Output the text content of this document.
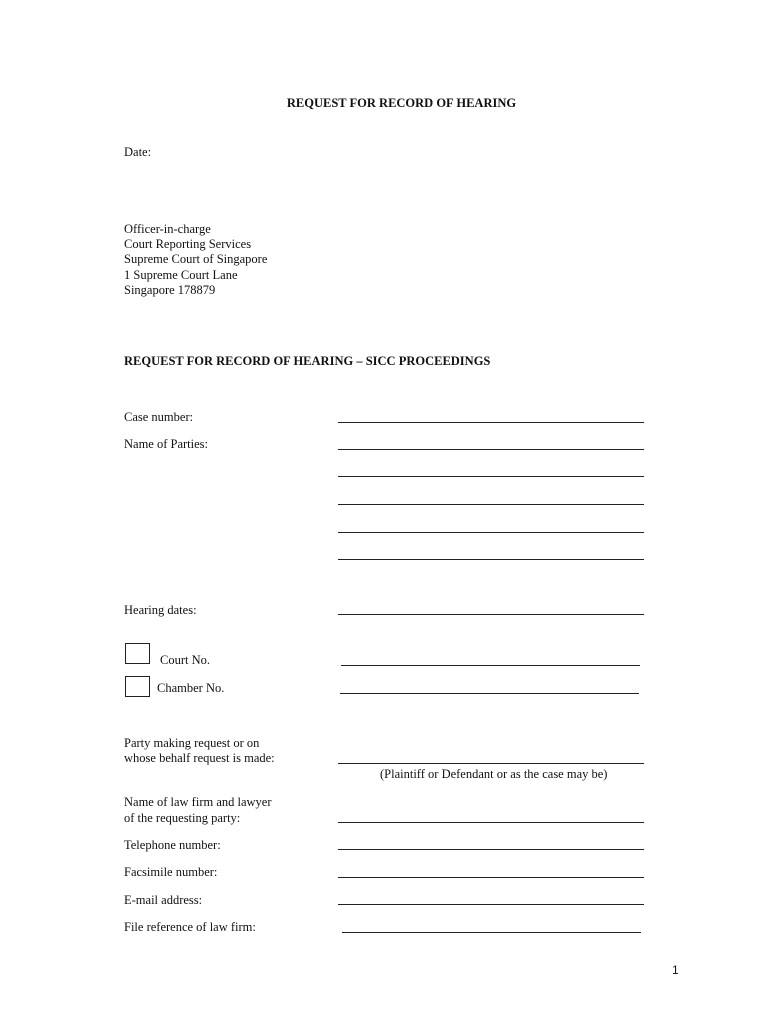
REQUEST FOR RECORD OF HEARING
Date:
Officer-in-charge
Court Reporting Services
Supreme Court of Singapore
1 Supreme Court Lane
Singapore 178879
REQUEST FOR RECORD OF HEARING – SICC PROCEEDINGS
Case number:
Name of Parties:
Hearing dates:
Court No.
Chamber No.
Party making request or on
whose behalf request is made:
(Plaintiff or Defendant or as the case may be)
Name of law firm and lawyer
of the requesting party:
Telephone number:
Facsimile number:
E-mail address:
File reference of law firm:
1
